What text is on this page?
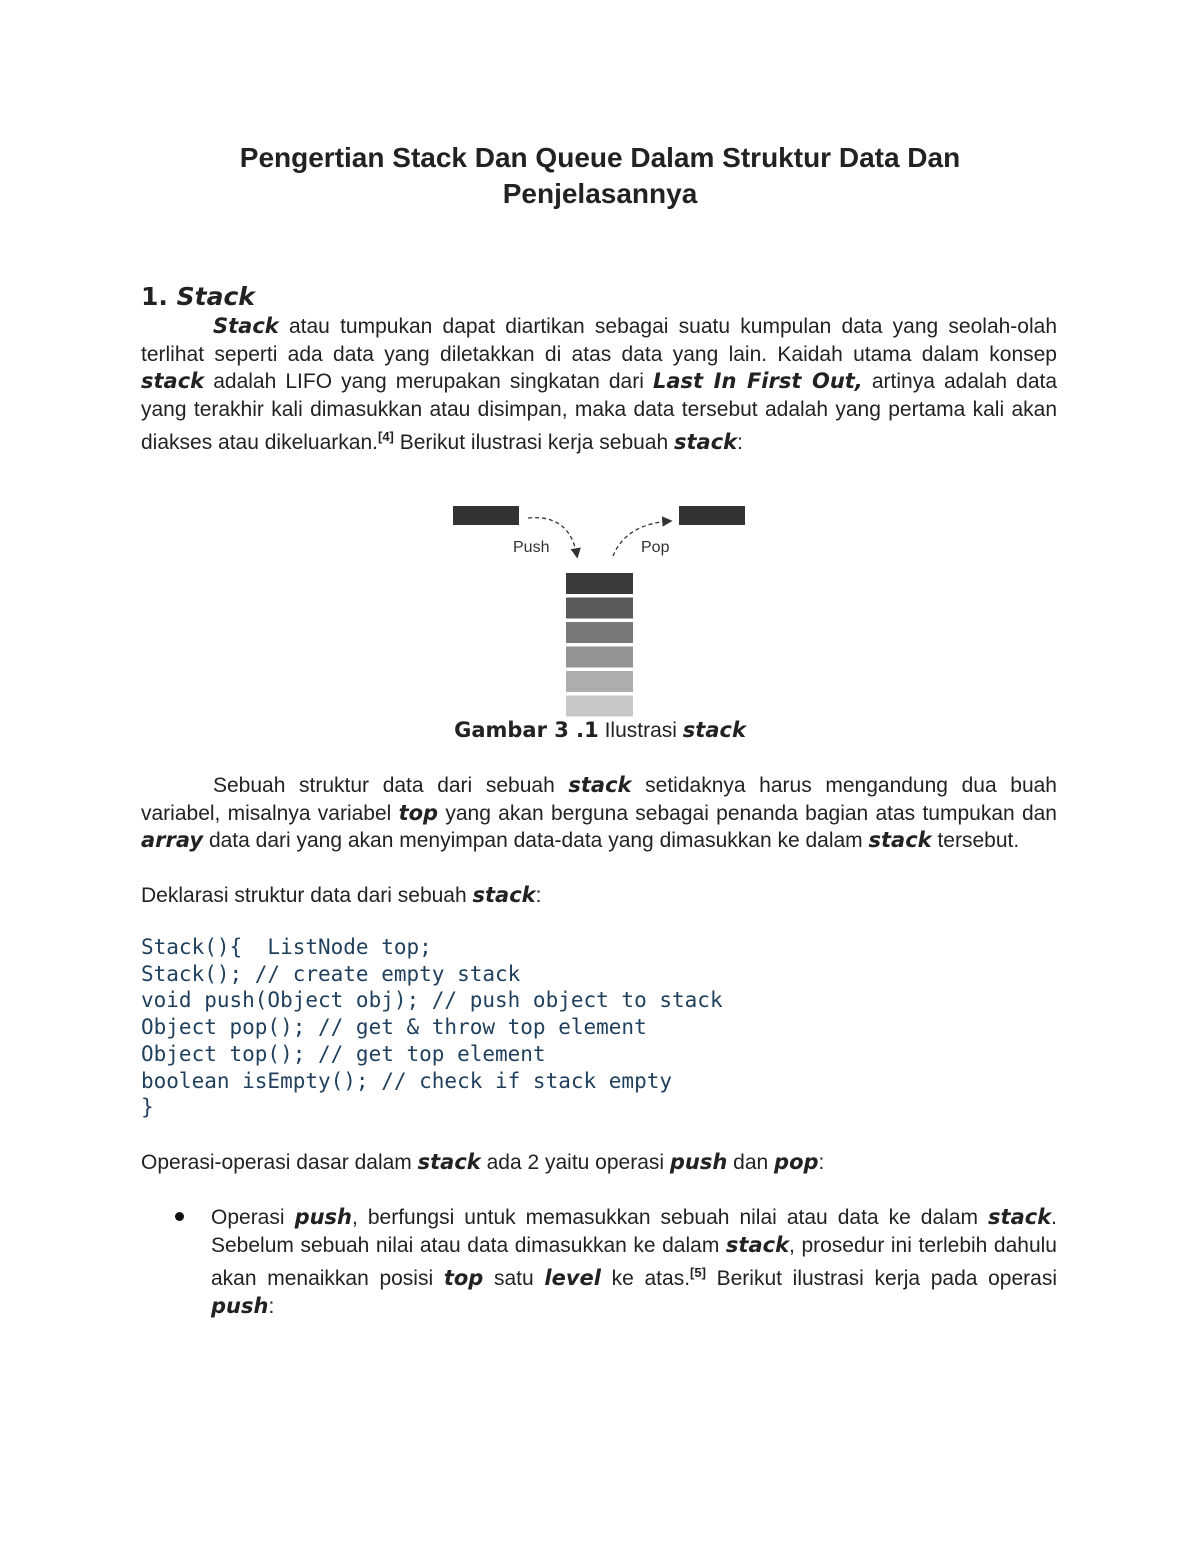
Pengertian Stack Dan Queue Dalam Struktur Data Dan Penjelasannya
1. Stack
Stack atau tumpukan dapat diartikan sebagai suatu kumpulan data yang seolah-olah terlihat seperti ada data yang diletakkan di atas data yang lain. Kaidah utama dalam konsep stack adalah LIFO yang merupakan singkatan dari Last In First Out, artinya adalah data yang terakhir kali dimasukkan atau disimpan, maka data tersebut adalah yang pertama kali akan diakses atau dikeluarkan.[4] Berikut ilustrasi kerja sebuah stack:
Push	Pop
Gambar 3 .1 Ilustrasi stack
Sebuah struktur data dari sebuah stack setidaknya harus mengandung dua buah variabel, misalnya variabel top yang akan berguna sebagai penanda bagian atas tumpukan dan array data dari yang akan menyimpan data-data yang dimasukkan ke dalam stack tersebut.
Deklarasi struktur data dari sebuah stack:
Stack(){  ListNode top;
Stack(); // create empty stack
void push(Object obj); // push object to stack
Object pop(); // get & throw top element
Object top(); // get top element
boolean isEmpty(); // check if stack empty
}
Operasi-operasi dasar dalam stack ada 2 yaitu operasi push dan pop:
Operasi push, berfungsi untuk memasukkan sebuah nilai atau data ke dalam stack. Sebelum sebuah nilai atau data dimasukkan ke dalam stack, prosedur ini terlebih dahulu akan menaikkan posisi top satu level ke atas.[5] Berikut ilustrasi kerja pada operasi push:
